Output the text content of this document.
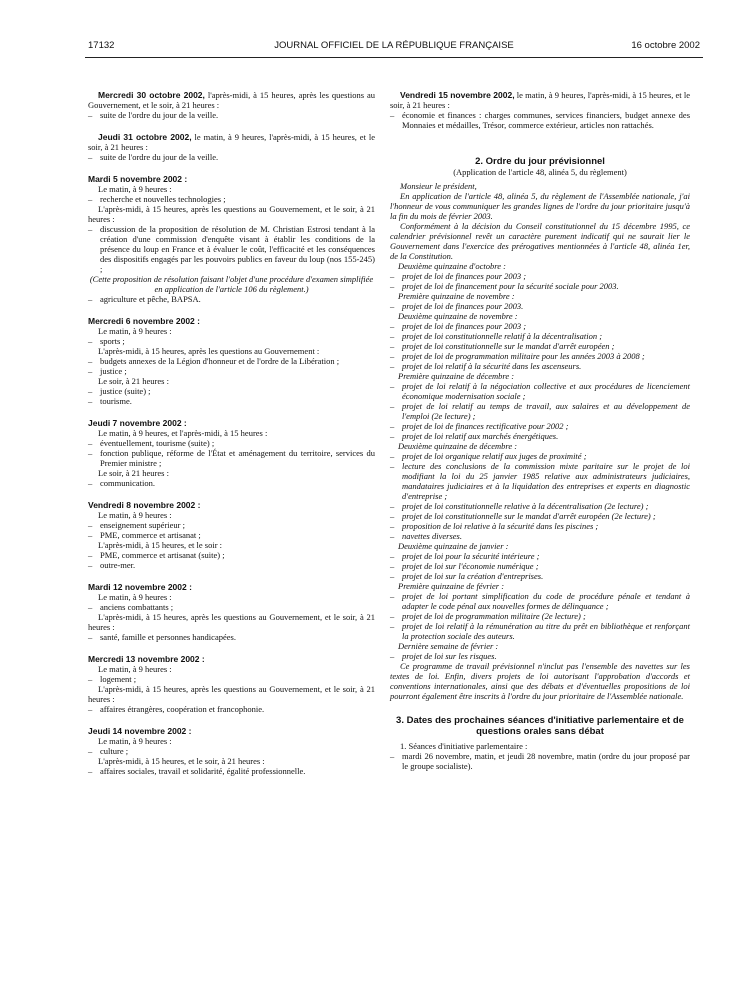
17132	JOURNAL OFFICIEL DE LA RÉPUBLIQUE FRANÇAISE	16 octobre 2002

Mercredi 30 octobre 2002, l'après-midi, à 15 heures, après les questions au Gouvernement, et le soir, à 21 heures :

– suite de l'ordre du jour de la veille.

Jeudi 31 octobre 2002, le matin, à 9 heures, l'après-midi, à 15 heures, et le soir, à 21 heures :

– suite de l'ordre du jour de la veille.

Mardi 5 novembre 2002 :

Le matin, à 9 heures :

– recherche et nouvelles technologies ;

L'après-midi, à 15 heures, après les questions au Gouvernement, et le soir, à 21 heures :

– discussion de la proposition de résolution de M. Christian Estrosi tendant à la création d'une commission d'enquête visant à établir les conditions de la présence du loup en France et à évaluer le coût, l'efficacité et les conséquences des dispositifs engagés par les pouvoirs publics en faveur du loup (nos 155-245) ;

(Cette proposition de résolution faisant l'objet d'une procédure d'examen simplifiée en application de l'article 106 du règlement.)

– agriculture et pêche, BAPSA.

Mercredi 6 novembre 2002 :

Le matin, à 9 heures :

– sports ;

L'après-midi, à 15 heures, après les questions au Gouvernement :

– budgets annexes de la Légion d'honneur et de l'ordre de la Libération ;

– justice ;

Le soir, à 21 heures :

– justice (suite) ;

– tourisme.

Jeudi 7 novembre 2002 :

Le matin, à 9 heures, et l'après-midi, à 15 heures :

– éventuellement, tourisme (suite) ;

– fonction publique, réforme de l'État et aménagement du territoire, services du Premier ministre ;

Le soir, à 21 heures :

– communication.

Vendredi 8 novembre 2002 :

Le matin, à 9 heures :

– enseignement supérieur ;

– PME, commerce et artisanat ;

L'après-midi, à 15 heures, et le soir :

– PME, commerce et artisanat (suite) ;

– outre-mer.

Mardi 12 novembre 2002 :

Le matin, à 9 heures :

– anciens combattants ;

L'après-midi, à 15 heures, après les questions au Gouvernement, et le soir, à 21 heures :

– santé, famille et personnes handicapées.

Mercredi 13 novembre 2002 :

Le matin, à 9 heures :

– logement ;

L'après-midi, à 15 heures, après les questions au Gouvernement, et le soir, à 21 heures :

– affaires étrangères, coopération et francophonie.

Jeudi 14 novembre 2002 :

Le matin, à 9 heures :

– culture ;

L'après-midi, à 15 heures, et le soir, à 21 heures :

– affaires sociales, travail et solidarité, égalité professionnelle.

Vendredi 15 novembre 2002, le matin, à 9 heures, l'après-midi, à 15 heures, et le soir, à 21 heures :

– économie et finances : charges communes, services financiers, budget annexe des Monnaies et médailles, Trésor, commerce extérieur, articles non rattachés.

2. Ordre du jour prévisionnel

(Application de l'article 48, alinéa 5, du règlement)

Monsieur le président,

En application de l'article 48, alinéa 5, du règlement de l'Assemblée nationale, j'ai l'honneur de vous communiquer les grandes lignes de l'ordre du jour prioritaire jusqu'à la fin du mois de février 2003.

Conformément à la décision du Conseil constitutionnel du 15 décembre 1995, ce calendrier prévisionnel revêt un caractère purement indicatif qui ne saurait lier le Gouvernement dans l'exercice des prérogatives mentionnées à l'article 48, alinéa 1er, de la Constitution.

Deuxième quinzaine d'octobre :

– projet de loi de finances pour 2003 ;

– projet de loi de financement pour la sécurité sociale pour 2003.

Première quinzaine de novembre :

– projet de loi de finances pour 2003.

Deuxième quinzaine de novembre :

– projet de loi de finances pour 2003 ;

– projet de loi constitutionnelle relatif à la décentralisation ;

– projet de loi constitutionnelle sur le mandat d'arrêt européen ;

– projet de loi de programmation militaire pour les années 2003 à 2008 ;

– projet de loi relatif à la sécurité dans les ascenseurs.

Première quinzaine de décembre :

– projet de loi relatif à la négociation collective et aux procédures de licenciement économique modernisation sociale ;

– projet de loi relatif au temps de travail, aux salaires et au développement de l'emploi (2e lecture) ;

– projet de loi de finances rectificative pour 2002 ;

– projet de loi relatif aux marchés énergétiques.

Deuxième quinzaine de décembre :

– projet de loi organique relatif aux juges de proximité ;

– lecture des conclusions de la commission mixte paritaire sur le projet de loi modifiant la loi du 25 janvier 1985 relative aux administrateurs judiciaires, mandataires judiciaires et à la liquidation des entreprises et experts en diagnostic d'entreprise ;

– projet de loi constitutionnelle relative à la décentralisation (2e lecture) ;

– projet de loi constitutionnelle sur le mandat d'arrêt européen (2e lecture) ;

– proposition de loi relative à la sécurité dans les piscines ;

– navettes diverses.

Deuxième quinzaine de janvier :

– projet de loi pour la sécurité intérieure ;

– projet de loi sur l'économie numérique ;

– projet de loi sur la création d'entreprises.

Première quinzaine de février :

– projet de loi portant simplification du code de procédure pénale et tendant à adapter le code pénal aux nouvelles formes de délinquance ;

– projet de loi de programmation militaire (2e lecture) ;

– projet de loi relatif à la rémunération au titre du prêt en bibliothèque et renforçant la protection sociale des auteurs.

Dernière semaine de février :

– projet de loi sur les risques.

Ce programme de travail prévisionnel n'inclut pas l'ensemble des navettes sur les textes de loi. Enfin, divers projets de loi autorisant l'approbation d'accords et conventions internationales, ainsi que des débats et d'éventuelles propositions de loi pourront également être inscrits à l'ordre du jour prioritaire de l'Assemblée nationale.

3. Dates des prochaines séances d'initiative parlementaire et de questions orales sans débat

1. Séances d'initiative parlementaire :

– mardi 26 novembre, matin, et jeudi 28 novembre, matin (ordre du jour proposé par le groupe socialiste).
